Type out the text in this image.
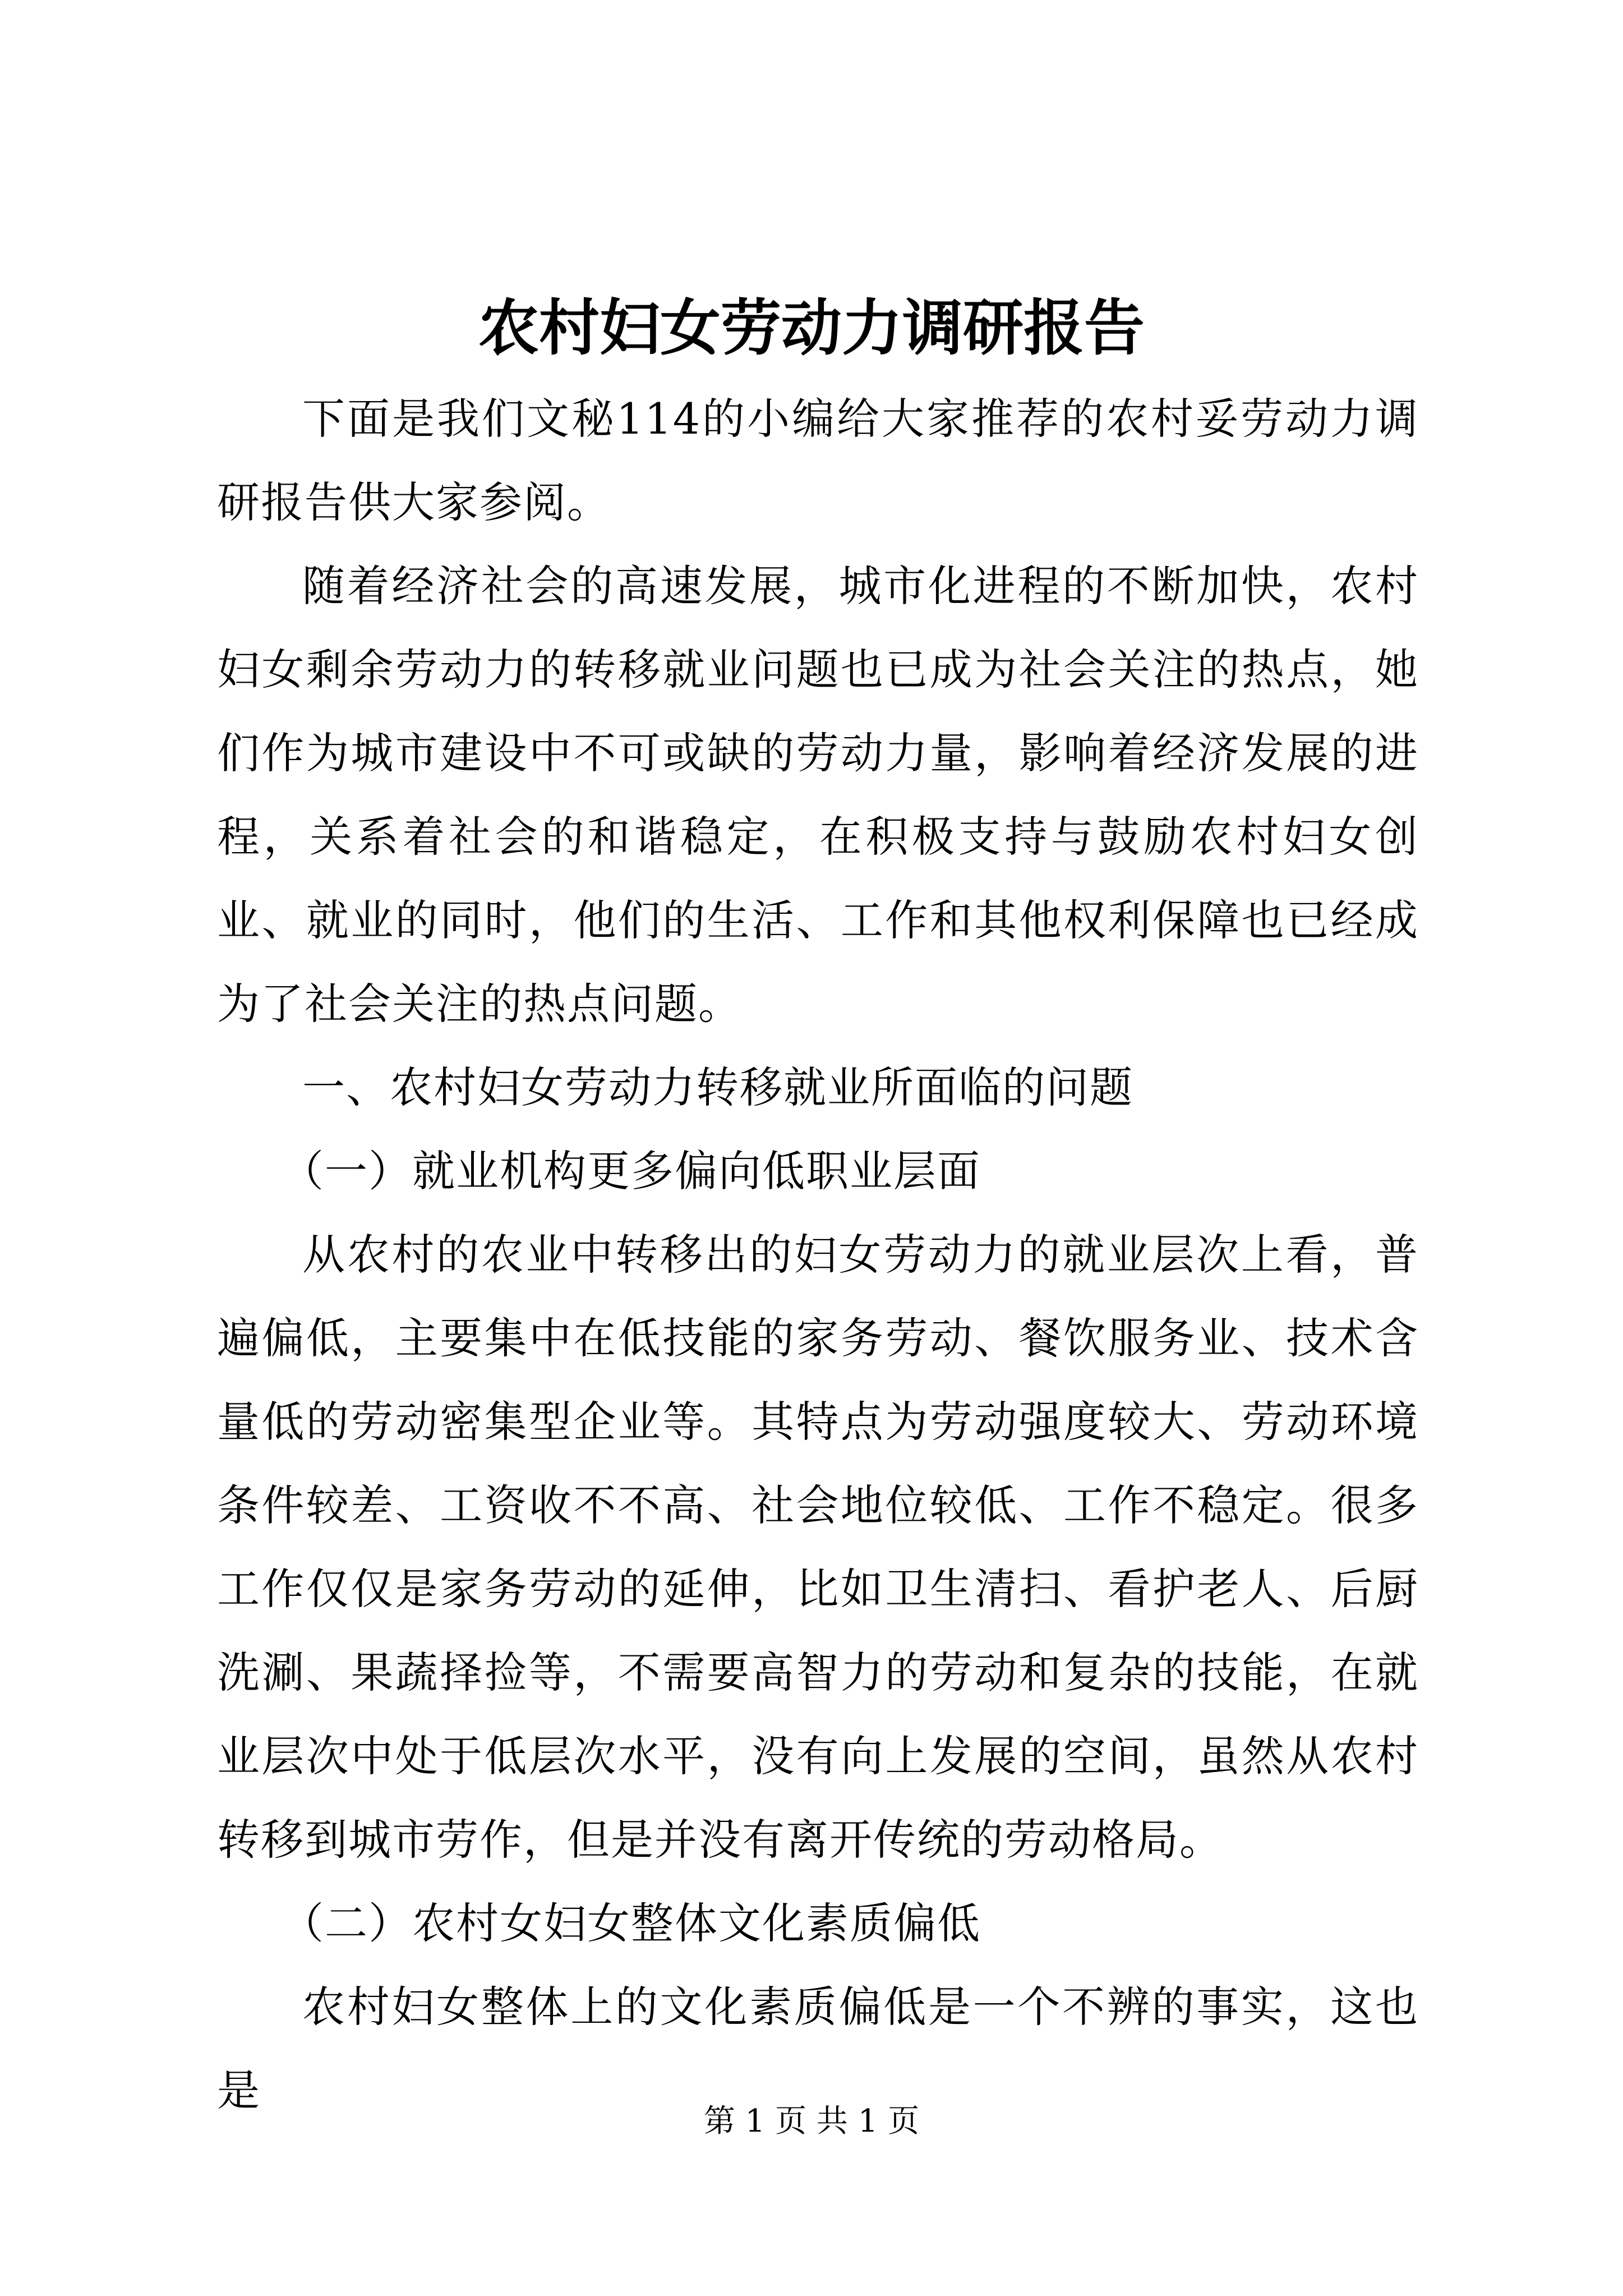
农村妇女劳动力调研报告

下面是我们文秘114的小编给大家推荐的农村妥劳动力调研报告供大家参阅。

随着经济社会的高速发展，城市化进程的不断加快，农村妇女剩余劳动力的转移就业问题也已成为社会关注的热点，她们作为城市建设中不可或缺的劳动力量，影响着经济发展的进程，关系着社会的和谐稳定，在积极支持与鼓励农村妇女创业、就业的同时，他们的生活、工作和其他权利保障也已经成为了社会关注的热点问题。

一、农村妇女劳动力转移就业所面临的问题

（一）就业机构更多偏向低职业层面

从农村的农业中转移出的妇女劳动力的就业层次上看，普遍偏低，主要集中在低技能的家务劳动、餐饮服务业、技术含量低的劳动密集型企业等。其特点为劳动强度较大、劳动环境条件较差、工资收不不高、社会地位较低、工作不稳定。很多工作仅仅是家务劳动的延伸，比如卫生清扫、看护老人、后厨洗涮、果蔬择捡等，不需要高智力的劳动和复杂的技能，在就业层次中处于低层次水平，没有向上发展的空间，虽然从农村转移到城市劳作，但是并没有离开传统的劳动格局。

（二）农村女妇女整体文化素质偏低

农村妇女整体上的文化素质偏低是一个不辨的事实，这也是

第 1 页 共 1 页
